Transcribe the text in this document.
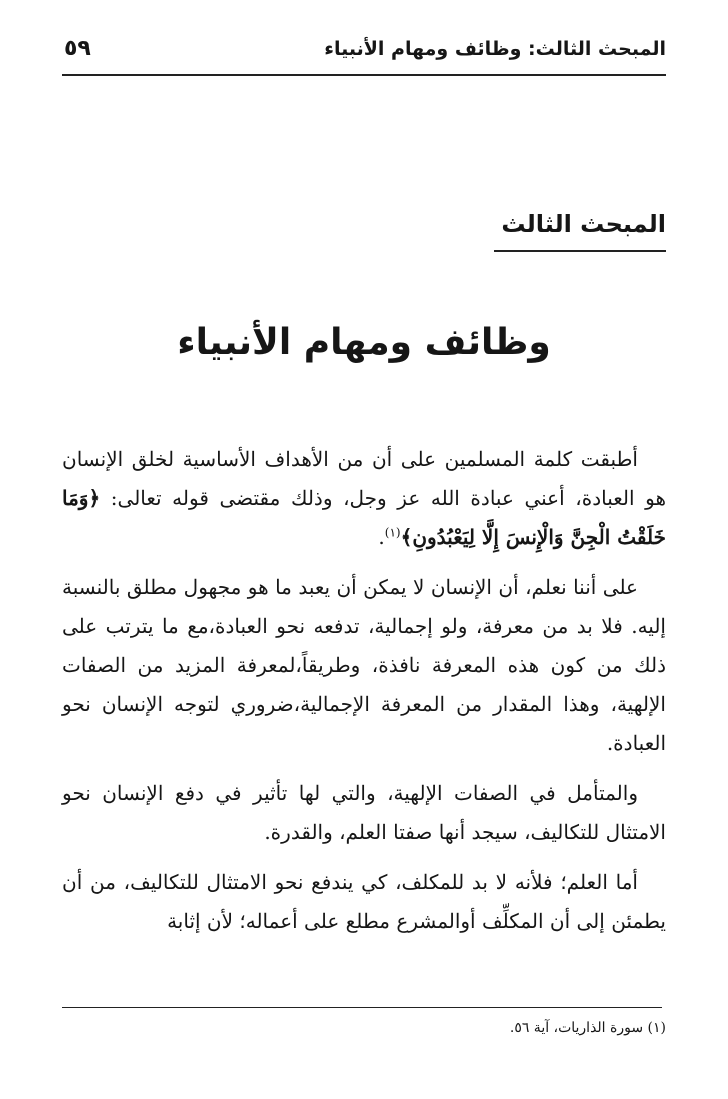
المبحث الثالث: وظائف ومهام الأنبياء
٥٩
المبحث الثالث
وظائف ومهام الأنبياء

أطبقت كلمة المسلمين على أن من الأهداف الأساسية لخلق الإنسان هو العبادة، أعني عبادة الله عز وجل، وذلك مقتضى قوله تعالى: ﴿وَمَا خَلَقْتُ الْجِنَّ وَالْإِنسَ إِلَّا لِيَعْبُدُونِ﴾$^{(١)}$.

على أننا نعلم، أن الإنسان لا يمكن أن يعبد ما هو مجهول مطلق بالنسبة إليه. فلا بد من معرفة، ولو إجمالية، تدفعه نحو العبادة،مع ما يترتب على ذلك من كون هذه المعرفة نافذة، وطريقاً،لمعرفة المزيد من الصفات الإلهية، وهذا المقدار من المعرفة الإجمالية،ضروري لتوجه الإنسان نحو العبادة.

والمتأمل في الصفات الإلهية، والتي لها تأثير في دفع الإنسان نحو الامتثال للتكاليف، سيجد أنها صفتا العلم، والقدرة.

أما العلم؛ فلأنه لا بد للمكلف، كي يندفع نحو الامتثال للتكاليف، من أن يطمئن إلى أن المكلِّف أوالمشرع مطلع على أعماله؛ لأن إثابة

(١) سورة الذاريات، آية ٥٦.
